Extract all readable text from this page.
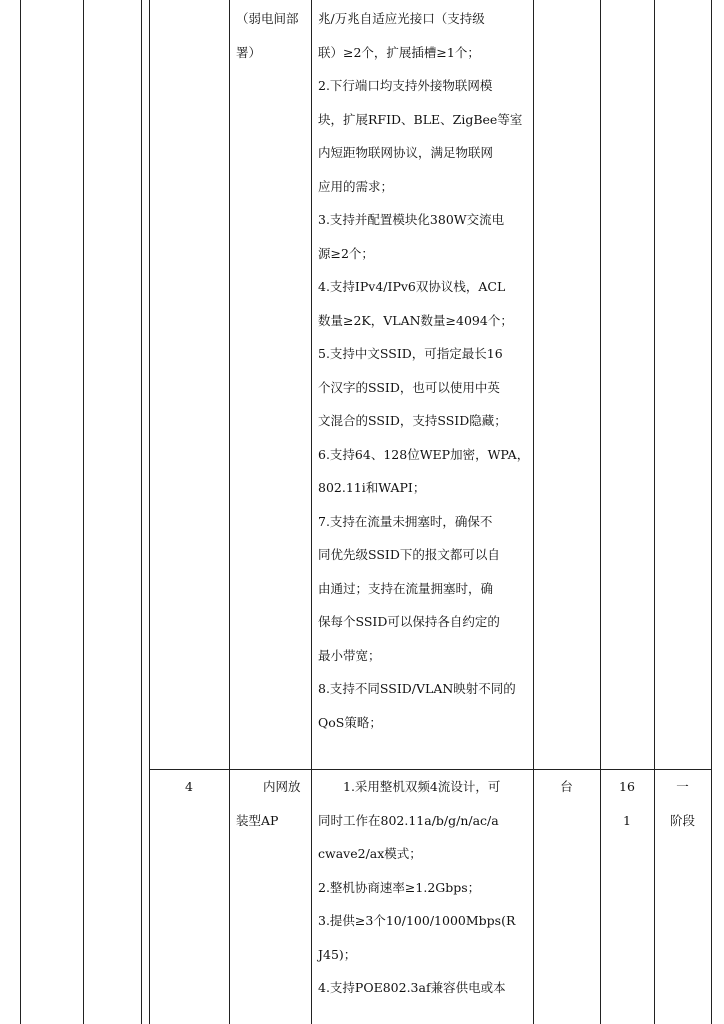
（弱电间部
署）
兆/万兆自适应光接口（支持级
联）≥2个，扩展插槽≥1个；
2.下行端口均支持外接物联网模
块，扩展RFID、BLE、ZigBee等室
内短距物联网协议，满足物联网
应用的需求；
3.支持并配置模块化380W交流电
源≥2个；
4.支持IPv4/IPv6双协议栈，ACL
数量≥2K，VLAN数量≥4094个；
5.支持中文SSID，可指定最长16
个汉字的SSID，也可以使用中英
文混合的SSID，支持SSID隐藏；
6.支持64、128位WEP加密，WPA，
802.11i和WAPI；
7.支持在流量未拥塞时，确保不
同优先级SSID下的报文都可以自
由通过；支持在流量拥塞时，确
保每个SSID可以保持各自约定的
最小带宽；
8.支持不同SSID/VLAN映射不同的
QoS策略；
4	内网放
装型AP
1.采用整机双频4流设计，可
同时工作在802.11a/b/g/n/ac/a
cwave2/ax模式；
2.整机协商速率≥1.2Gbps；
3.提供≥3个10/100/1000Mbps(R
J45)；
4.支持POE802.3af兼容供电或本
台	16
1
一
阶段
